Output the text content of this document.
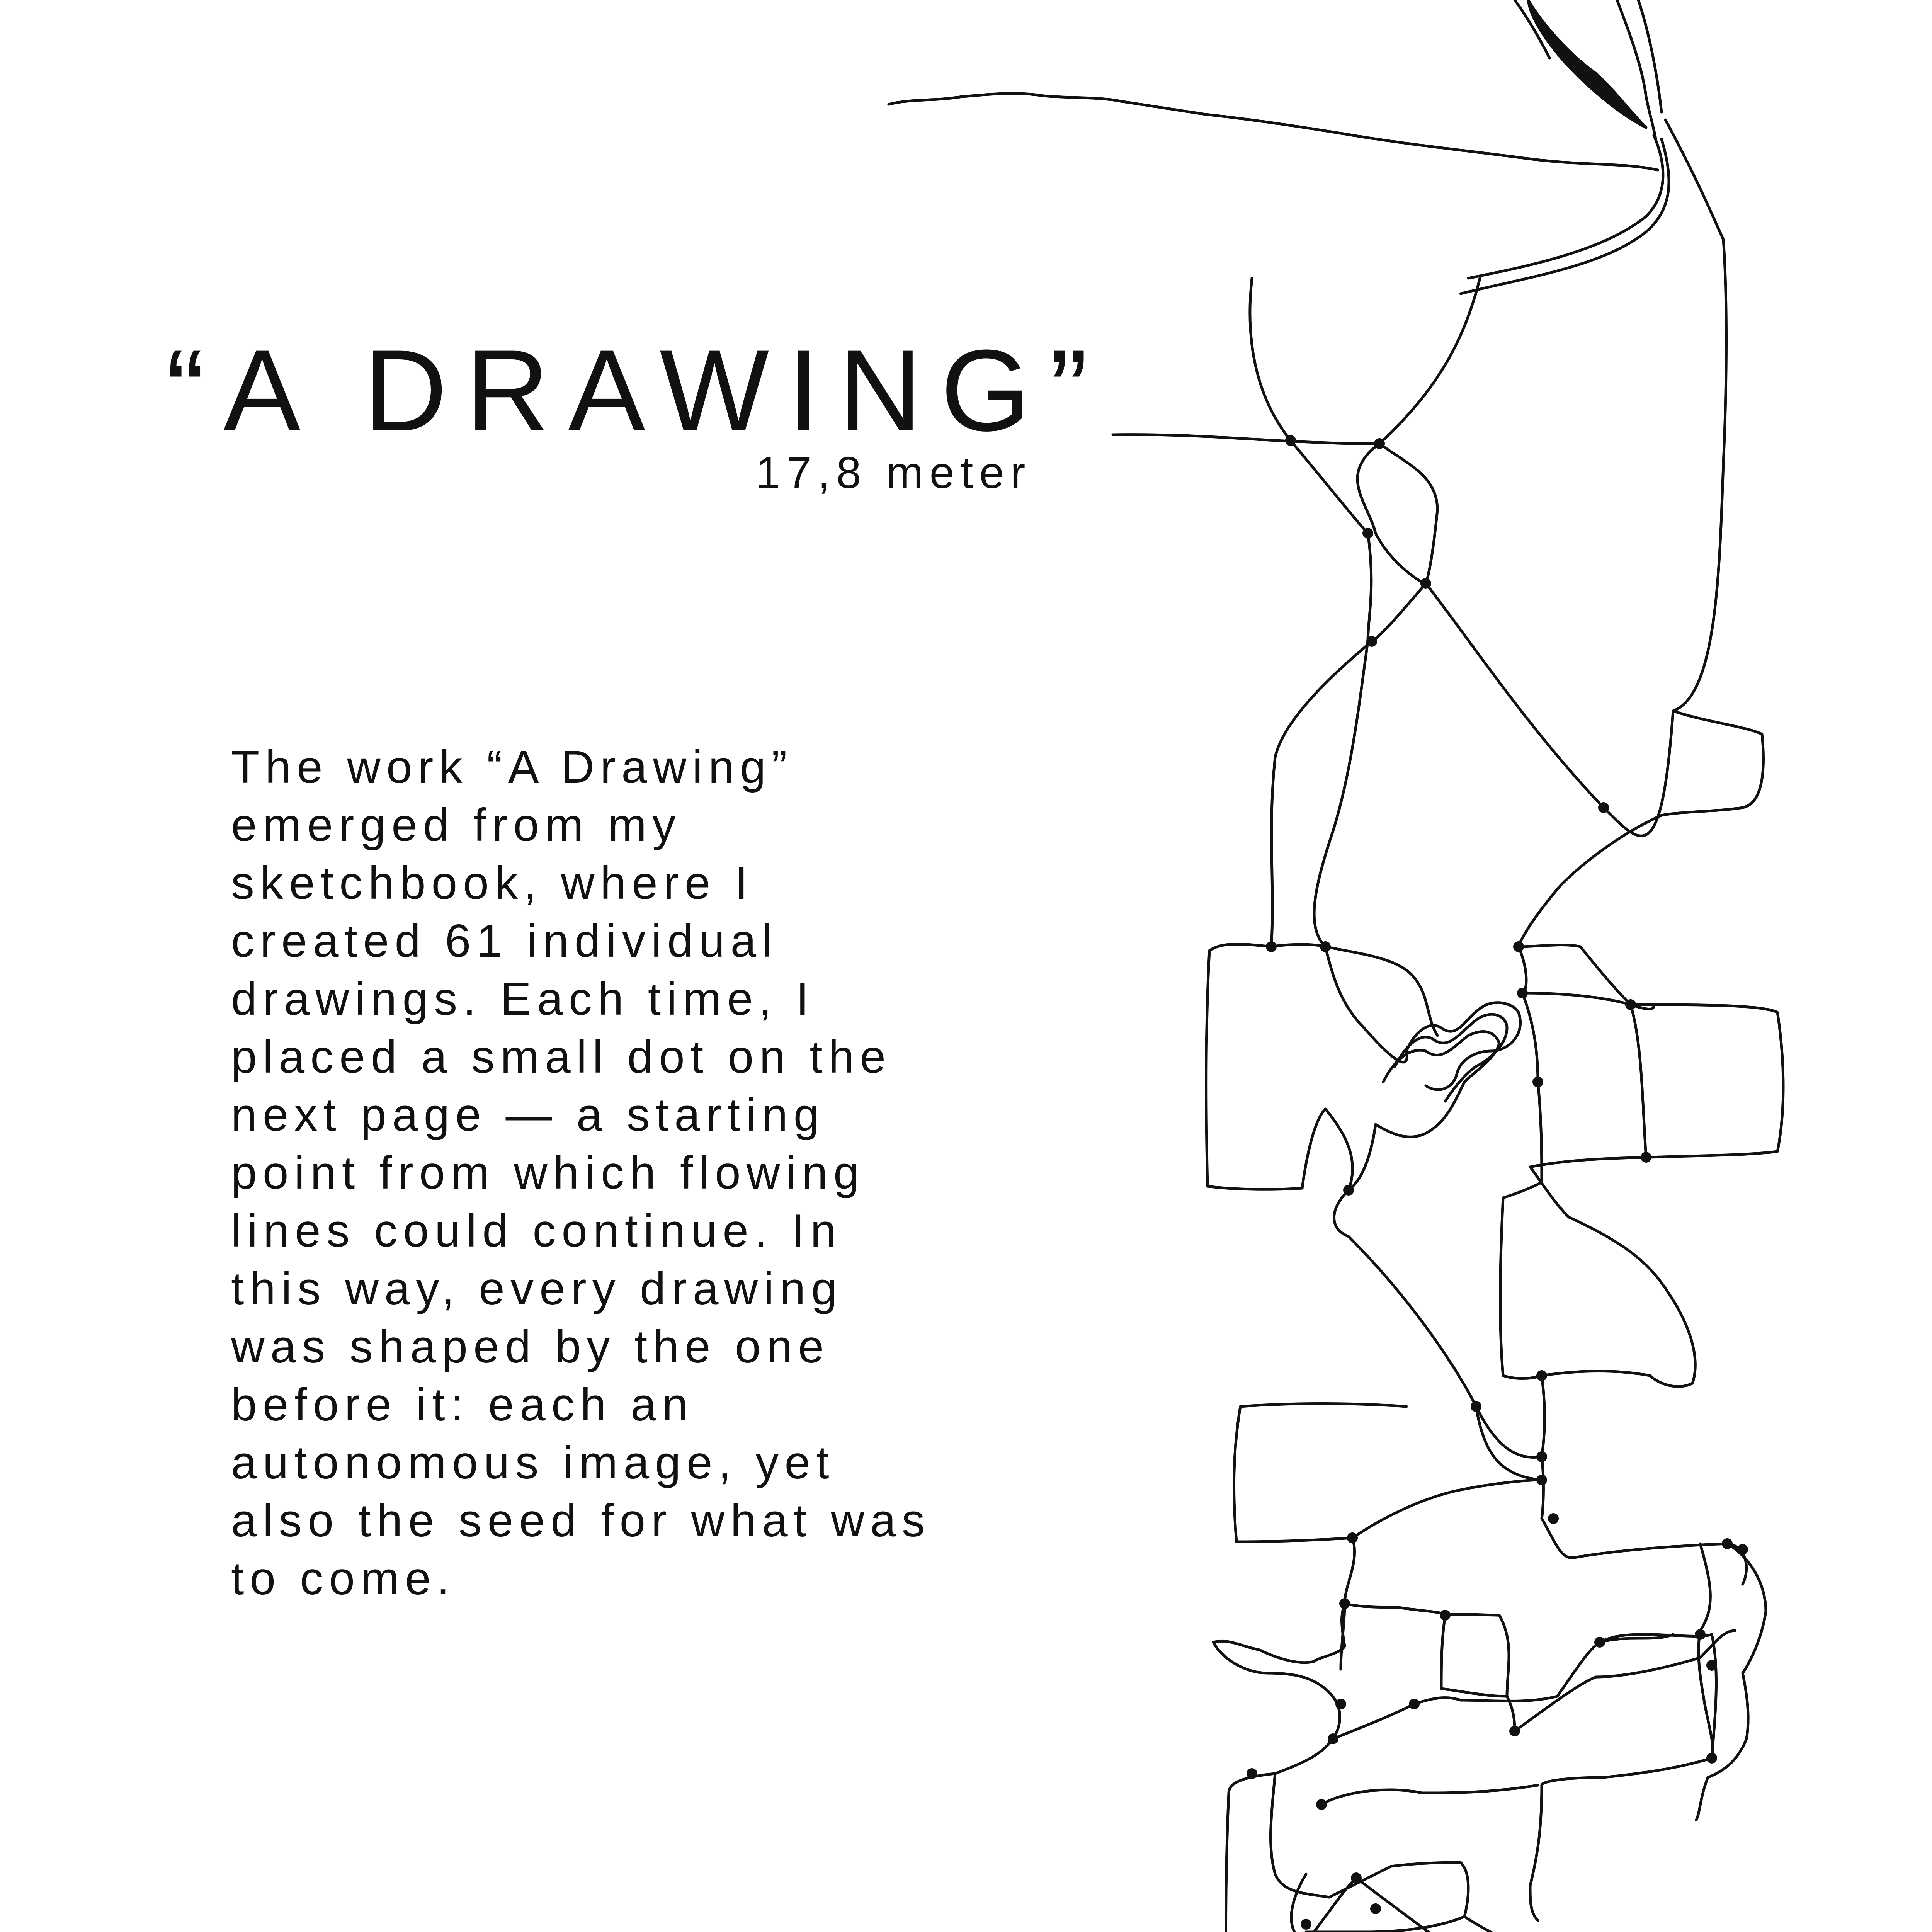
“A DRAWING”
17,8 meter
The work “A Drawing”
emerged from my
sketchbook, where I
created 61 individual
drawings. Each time, I
placed a small dot on the
next page — a starting
point from which flowing
lines could continue. In
this way, every drawing
was shaped by the one
before it: each an
autonomous image, yet
also the seed for what was
to come.
